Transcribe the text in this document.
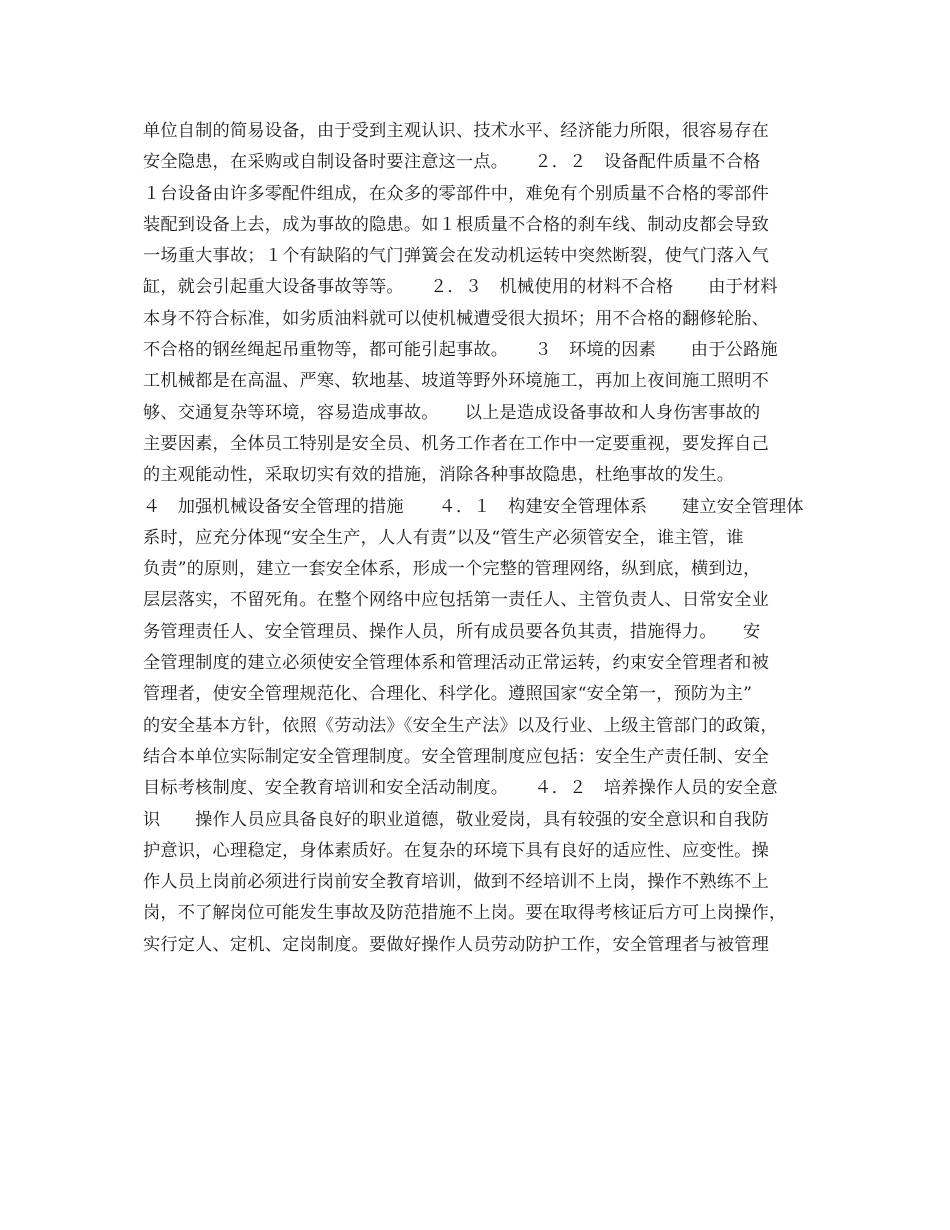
单位自制的简易设备，由于受到主观认识、技术水平、经济能力所限，很容易存在
安全隐患，在采购或自制设备时要注意这一点。　　２．２　设备配件质量不合格
１台设备由许多零配件组成，在众多的零部件中，难免有个别质量不合格的零部件
装配到设备上去，成为事故的隐患。如１根质量不合格的刹车线、制动皮都会导致
一场重大事故；１个有缺陷的气门弹簧会在发动机运转中突然断裂，使气门落入气
缸，就会引起重大设备事故等等。　　２．３　机械使用的材料不合格　　由于材料
本身不符合标准，如劣质油料就可以使机械遭受很大损坏；用不合格的翻修轮胎、
不合格的钢丝绳起吊重物等，都可能引起事故。　　３　环境的因素　　由于公路施
工机械都是在高温、严寒、软地基、坡道等野外环境施工，再加上夜间施工照明不
够、交通复杂等环境，容易造成事故。　　以上是造成设备事故和人身伤害事故的
主要因素，全体员工特别是安全员、机务工作者在工作中一定要重视，要发挥自己
的主观能动性，采取切实有效的措施，消除各种事故隐患，杜绝事故的发生。
４　加强机械设备安全管理的措施　　４．１　构建安全管理体系　　建立安全管理体
系时，应充分体现“安全生产，人人有责”以及“管生产必须管安全，谁主管，谁
负责”的原则，建立一套安全体系，形成一个完整的管理网络，纵到底，横到边，
层层落实，不留死角。在整个网络中应包括第一责任人、主管负责人、日常安全业
务管理责任人、安全管理员、操作人员，所有成员要各负其责，措施得力。　　安
全管理制度的建立必须使安全管理体系和管理活动正常运转，约束安全管理者和被
管理者，使安全管理规范化、合理化、科学化。遵照国家“安全第一，预防为主”
的安全基本方针，依照《劳动法》《安全生产法》以及行业、上级主管部门的政策，
结合本单位实际制定安全管理制度。安全管理制度应包括：安全生产责任制、安全
目标考核制度、安全教育培训和安全活动制度。　　４．２　培养操作人员的安全意
识　　操作人员应具备良好的职业道德，敬业爱岗，具有较强的安全意识和自我防
护意识，心理稳定，身体素质好。在复杂的环境下具有良好的适应性、应变性。操
作人员上岗前必须进行岗前安全教育培训，做到不经培训不上岗，操作不熟练不上
岗，不了解岗位可能发生事故及防范措施不上岗。要在取得考核证后方可上岗操作，
实行定人、定机、定岗制度。要做好操作人员劳动防护工作，安全管理者与被管理
